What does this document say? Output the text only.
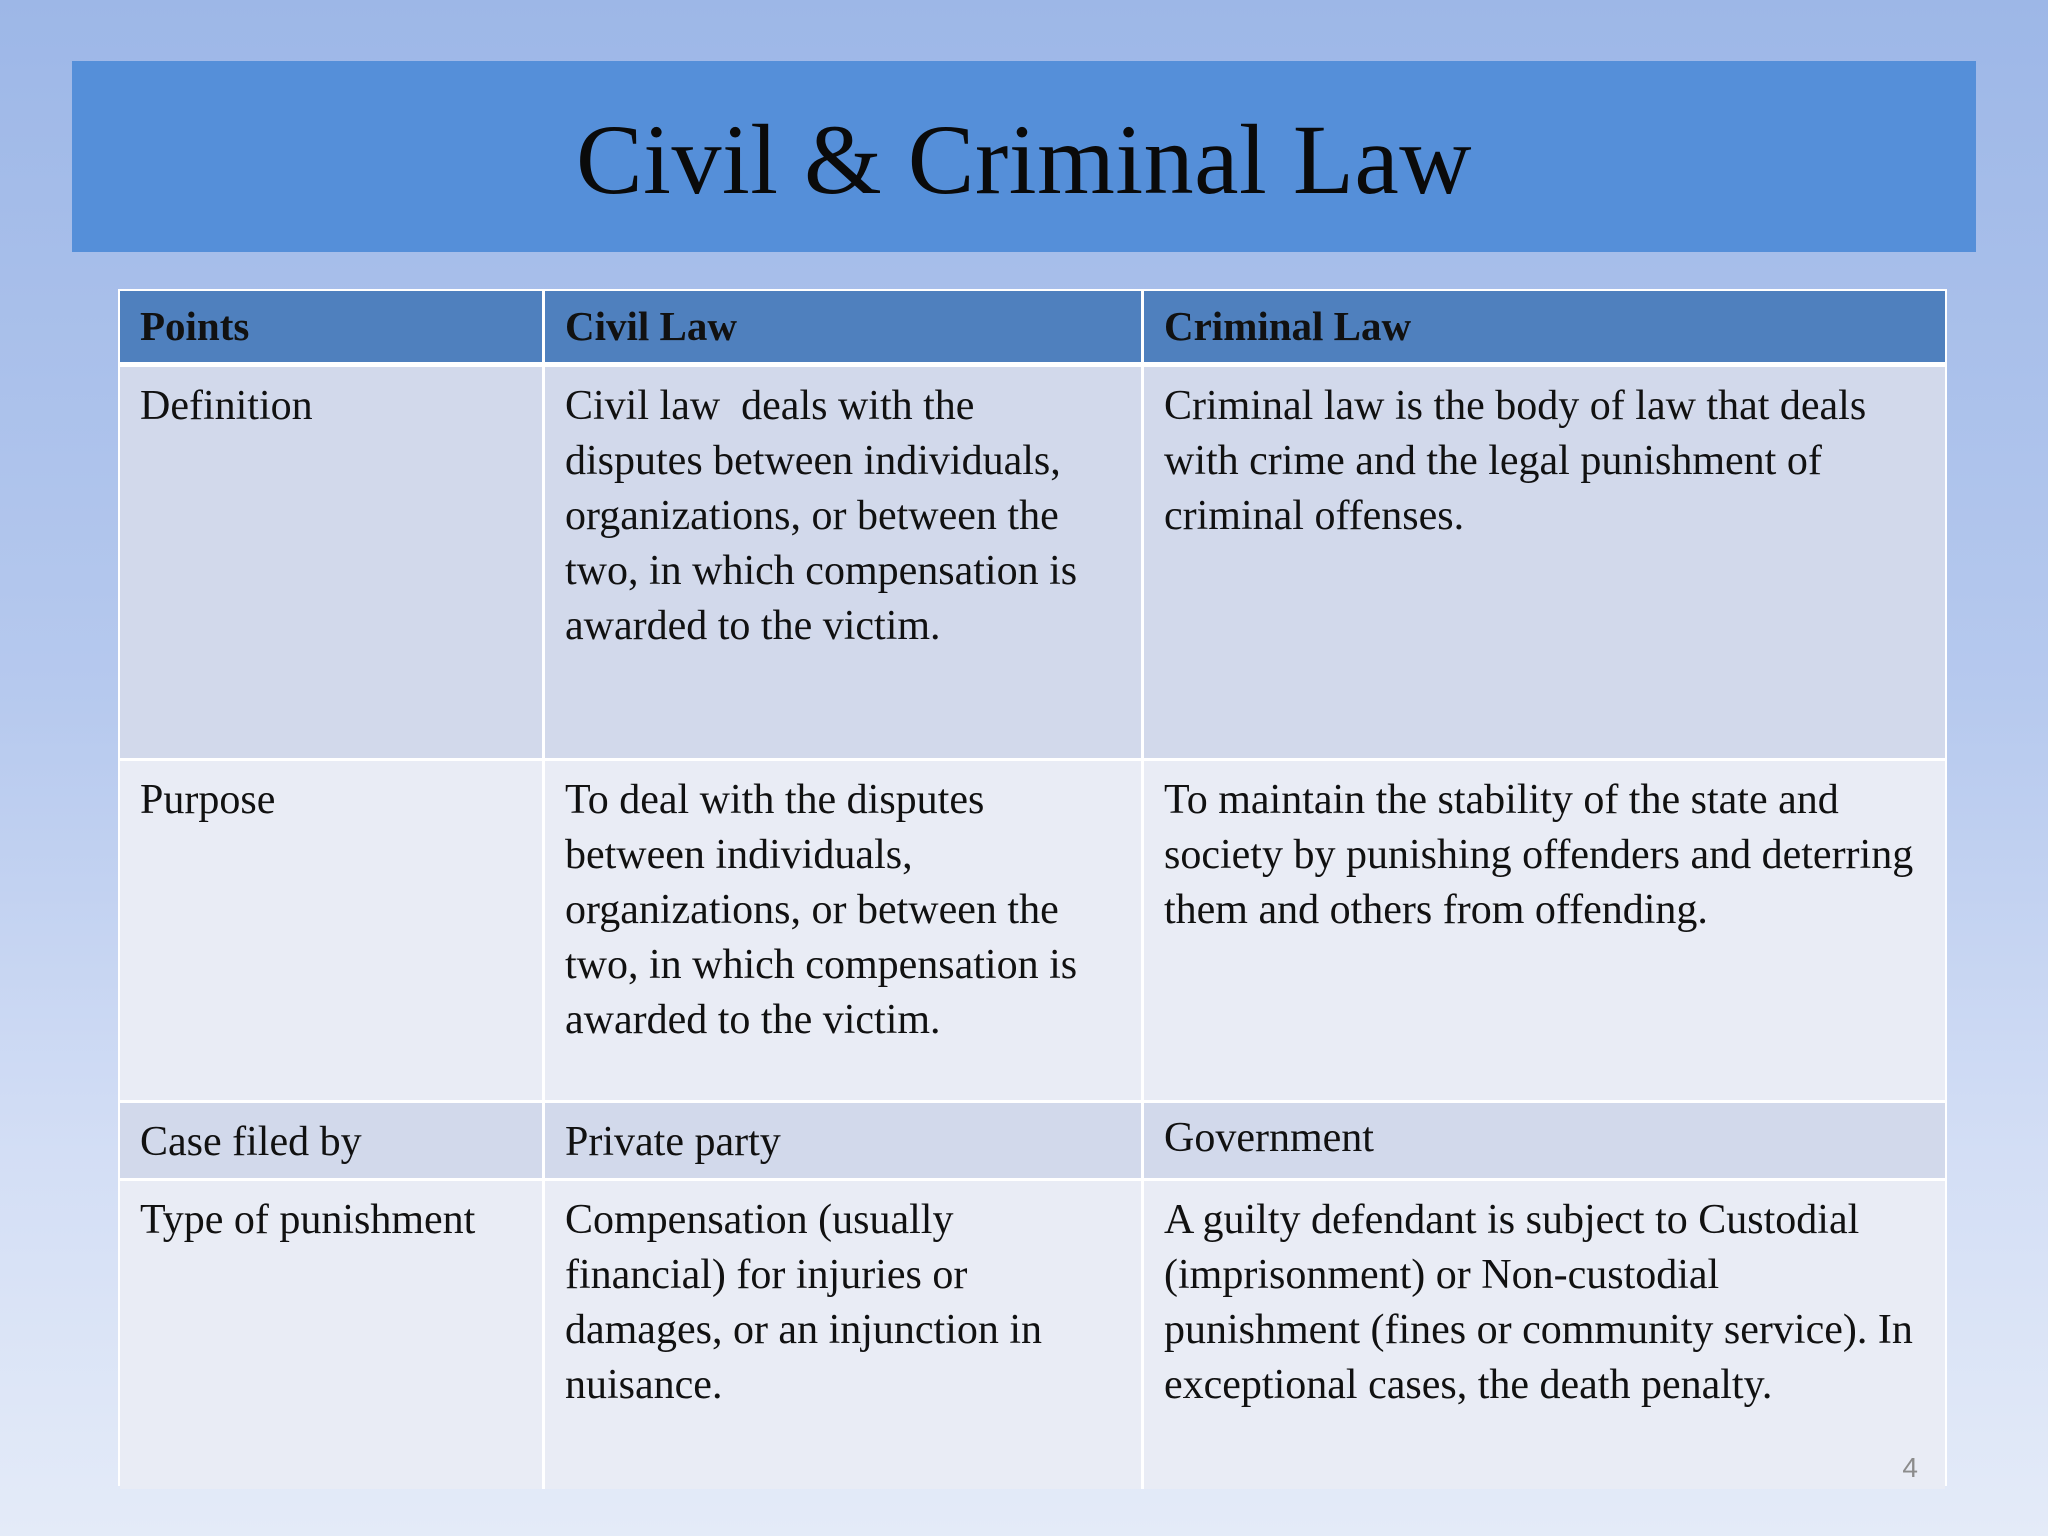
Civil & Criminal Law
Points	Civil Law	Criminal Law
Definition	Civil law  deals with the disputes between individuals, organizations, or between the two, in which compensation is awarded to the victim.	Criminal law is the body of law that deals with crime and the legal punishment of criminal offenses.
Purpose	To deal with the disputes between individuals, organizations, or between the two, in which compensation is awarded to the victim.	To maintain the stability of the state and society by punishing offenders and deterring them and others from offending.
Case filed by	Private party	Government
Type of punishment	Compensation (usually financial) for injuries or damages, or an injunction in nuisance.	A guilty defendant is subject to Custodial (imprisonment) or Non-custodial punishment (fines or community service). In exceptional cases, the death penalty.
4
